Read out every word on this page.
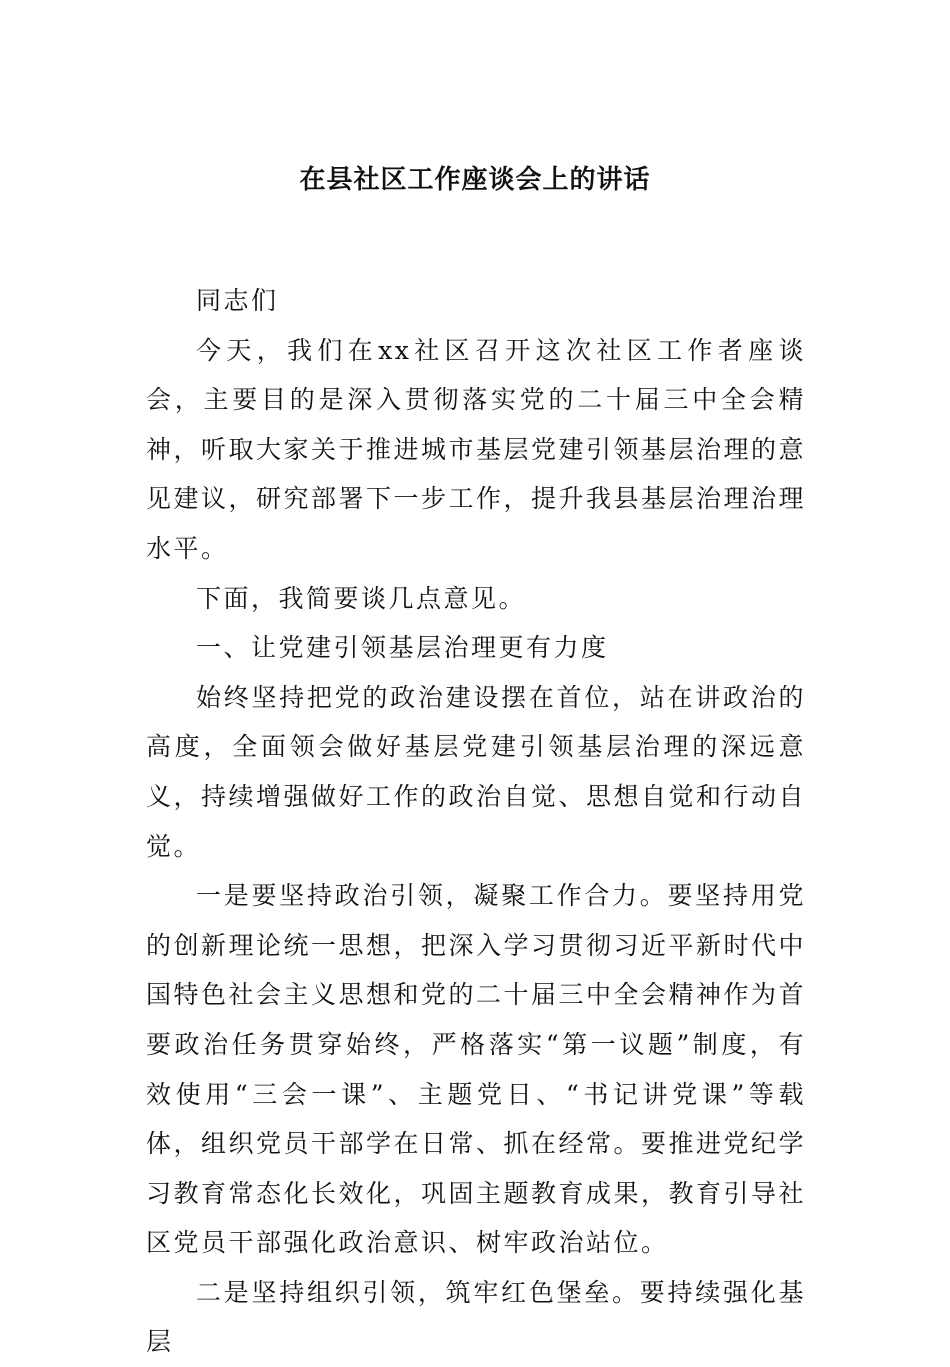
在县社区工作座谈会上的讲话

同志们

今天，我们在xx社区召开这次社区工作者座谈会，主要目的是深入贯彻落实党的二十届三中全会精神，听取大家关于推进城市基层党建引领基层治理的意见建议，研究部署下一步工作，提升我县基层治理治理水平。

下面，我简要谈几点意见。

一、让党建引领基层治理更有力度

始终坚持把党的政治建设摆在首位，站在讲政治的高度，全面领会做好基层党建引领基层治理的深远意义，持续增强做好工作的政治自觉、思想自觉和行动自觉。

一是要坚持政治引领，凝聚工作合力。要坚持用党的创新理论统一思想，把深入学习贯彻习近平新时代中国特色社会主义思想和党的二十届三中全会精神作为首要政治任务贯穿始终，严格落实“第一议题”制度，有效使用“三会一课”、主题党日、“书记讲党课”等载体，组织党员干部学在日常、抓在经常。要推进党纪学习教育常态化长效化，巩固主题教育成果，教育引导社区党员干部强化政治意识、树牢政治站位。

二是坚持组织引领，筑牢红色堡垒。要持续强化基层
